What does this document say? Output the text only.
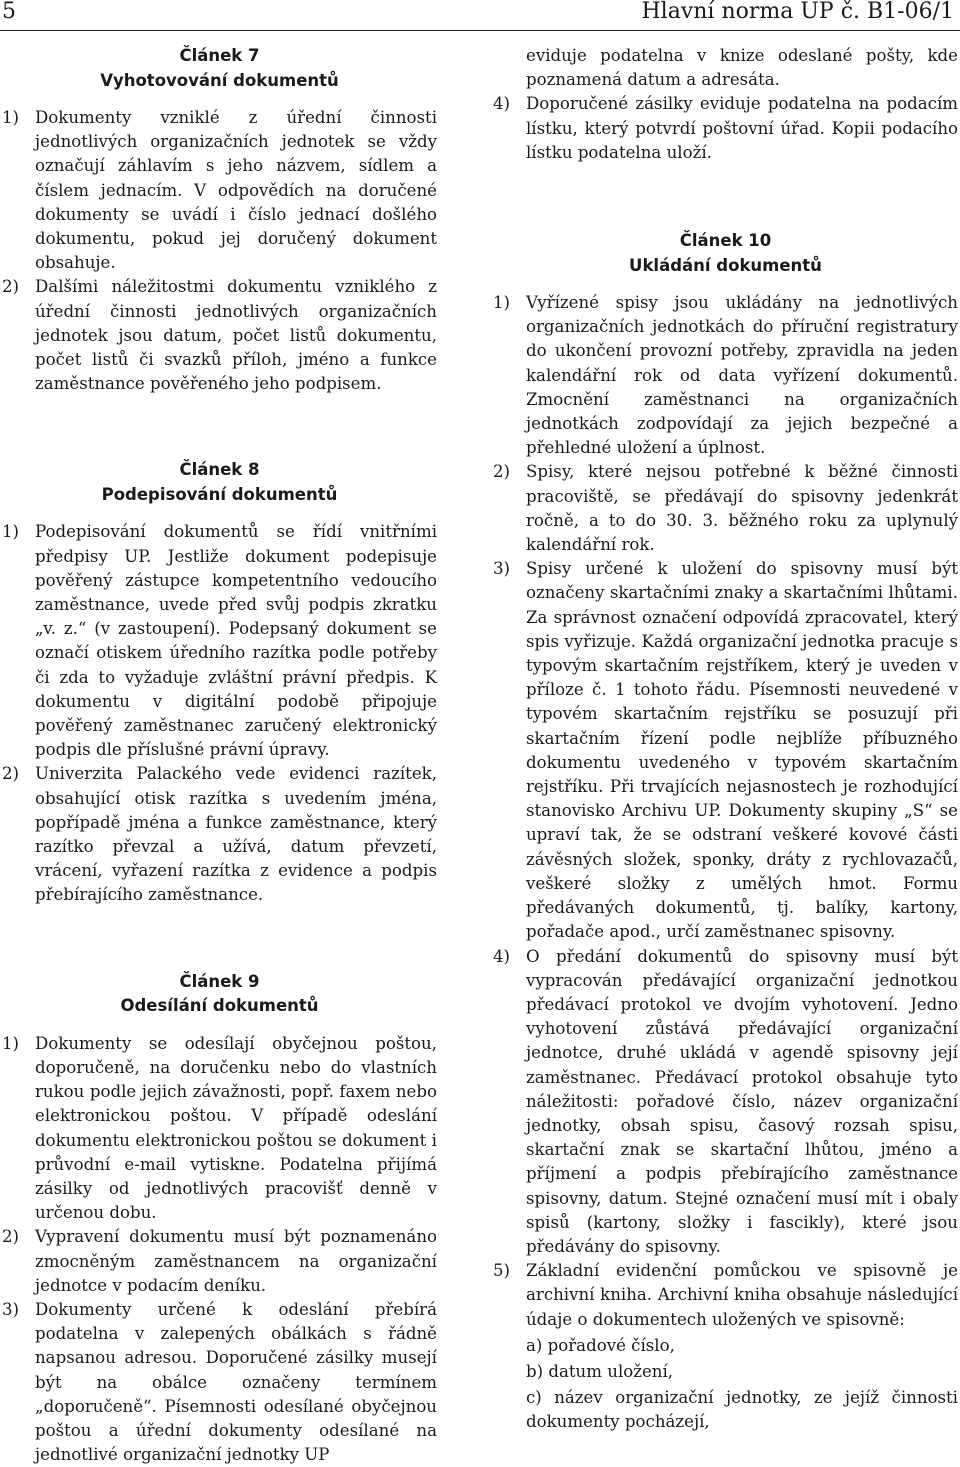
5	Hlavní norma UP č. B1-06/1
Článek 7
Vyhotovování dokumentů
1) Dokumenty vzniklé z úřední činnosti jednotlivých organizačních jednotek se vždy označují záhlavím s jeho názvem, sídlem a číslem jednacím. V odpovědích na doručené dokumenty se uvádí i číslo jednací došlého dokumentu, pokud jej doručený dokument obsahuje.
2) Dalšími náležitostmi dokumentu vzniklého z úřední činnosti jednotlivých organizačních jednotek jsou datum, počet listů dokumentu, počet listů či svazků příloh, jméno a funkce zaměstnance pověřeného jeho podpisem.
Článek 8
Podepisování dokumentů
1) Podepisování dokumentů se řídí vnitřními předpisy UP. Jestliže dokument podepisuje pověřený zástupce kompetentního vedoucího zaměstnance, uvede před svůj podpis zkratku „v. z.“ (v zastoupení). Podepsaný dokument se označí otiskem úředního razítka podle potřeby či zda to vyžaduje zvláštní právní předpis. K dokumentu v digitální podobě připojuje pověřený zaměstnanec zaručený elektronický podpis dle příslušné právní úpravy.
2) Univerzita Palackého vede evidenci razítek, obsahující otisk razítka s uvedením jména, popřípadě jména a funkce zaměstnance, který razítko převzal a užívá, datum převzetí, vrácení, vyřazení razítka z evidence a podpis přebírajícího zaměstnance.
Článek 9
Odesílání dokumentů
1) Dokumenty se odesílají obyčejnou poštou, doporučeně, na doručenku nebo do vlastních rukou podle jejich závažnosti, popř. faxem nebo elektronickou poštou. V případě odeslání dokumentu elektronickou poštou se dokument i průvodní e-mail vytiskne. Podatelna přijímá zásilky od jednotlivých pracovišť denně v určenou dobu.
2) Vypravení dokumentu musí být poznamenáno zmocněným zaměstnancem na organizační jednotce v podacím deníku.
3) Dokumenty určené k odeslání přebírá podatelna v zalepených obálkách s řádně napsanou adresou. Doporučené zásilky musejí být na obálce označeny termínem „doporučeně“. Písemnosti odesílané obyčejnou poštou a úřední dokumenty odesílané na jednotlivé organizační jednotky UP
eviduje podatelna v knize odeslané pošty, kde poznamená datum a adresáta.
4) Doporučené zásilky eviduje podatelna na podacím lístku, který potvrdí poštovní úřad. Kopii podacího lístku podatelna uloží.
Článek 10
Ukládání dokumentů
1) Vyřízené spisy jsou ukládány na jednotlivých organizačních jednotkách do příruční registratury do ukončení provozní potřeby, zpravidla na jeden kalendářní rok od data vyřízení dokumentů. Zmocnění zaměstnanci na organizačních jednotkách zodpovídají za jejich bezpečné a přehledné uložení a úplnost.
2) Spisy, které nejsou potřebné k běžné činnosti pracoviště, se předávají do spisovny jedenkrát ročně, a to do 30. 3. běžného roku za uplynulý kalendářní rok.
3) Spisy určené k uložení do spisovny musí být označeny skartačními znaky a skartačními lhůtami. Za správnost označení odpovídá zpracovatel, který spis vyřizuje. Každá organizační jednotka pracuje s typovým skartačním rejstříkem, který je uveden v příloze č. 1 tohoto řádu. Písemnosti neuvedené v typovém skartačním rejstříku se posuzují při skartačním řízení podle nejblíže příbuzného dokumentu uvedeného v typovém skartačním rejstříku. Při trvajících nejasnostech je rozhodující stanovisko Archivu UP. Dokumenty skupiny „S“ se upraví tak, že se odstraní veškeré kovové části závěsných složek, sponky, dráty z rychlovazačů, veškeré složky z umělých hmot. Formu předávaných dokumentů, tj. balíky, kartony, pořadače apod., určí zaměstnanec spisovny.
4) O předání dokumentů do spisovny musí být vypracován předávající organizační jednotkou předávací protokol ve dvojím vyhotovení. Jedno vyhotovení zůstává předávající organizační jednotce, druhé ukládá v agendě spisovny její zaměstnanec. Předávací protokol obsahuje tyto náležitosti: pořadové číslo, název organizační jednotky, obsah spisu, časový rozsah spisu, skartační znak se skartační lhůtou, jméno a příjmení a podpis přebírajícího zaměstnance spisovny, datum. Stejné označení musí mít i obaly spisů (kartony, složky i fascikly), které jsou předávány do spisovny.
5) Základní evidenční pomůckou ve spisovně je archivní kniha. Archivní kniha obsahuje následující údaje o dokumentech uložených ve spisovně:
a) pořadové číslo,
b) datum uložení,
c) název organizační jednotky, ze jejíž činnosti dokumenty pocházejí,
